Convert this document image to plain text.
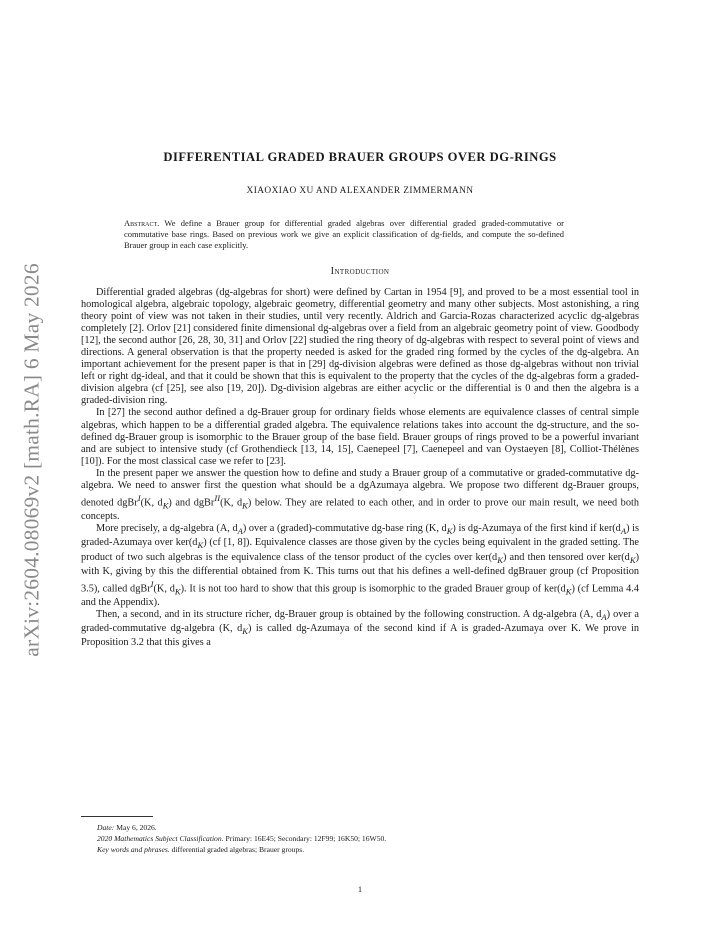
arXiv:2604.08069v2 [math.RA] 6 May 2026
DIFFERENTIAL GRADED BRAUER GROUPS OVER DG-RINGS
XIAOXIAO XU AND ALEXANDER ZIMMERMANN
Abstract. We define a Brauer group for differential graded algebras over differential graded graded-commutative or commutative base rings. Based on previous work we give an explicit classification of dg-fields, and compute the so-defined Brauer group in each case explicitly.
Introduction

Differential graded algebras (dg-algebras for short) were defined by Cartan in 1954 [9], and proved to be a most essential tool in homological algebra, algebraic topology, algebraic geometry, differential geometry and many other subjects. Most astonishing, a ring theory point of view was not taken in their studies, until very recently. Aldrich and Garcia-Rozas characterized acyclic dg-algebras completely [2]. Orlov [21] considered finite dimensional dg-algebras over a field from an algebraic geometry point of view. Goodbody [12], the second author [26, 28, 30, 31] and Orlov [22] studied the ring theory of dg-algebras with respect to several point of views and directions. A general observation is that the property needed is asked for the graded ring formed by the cycles of the dg-algebra. An important achievement for the present paper is that in [29] dg-division algebras were defined as those dg-algebras without non trivial left or right dg-ideal, and that it could be shown that this is equivalent to the property that the cycles of the dg-algebras form a graded-division algebra (cf [25], see also [19, 20]). Dg-division algebras are either acyclic or the differential is 0 and then the algebra is a graded-division ring.

In [27] the second author defined a dg-Brauer group for ordinary fields whose elements are equivalence classes of central simple algebras, which happen to be a differential graded algebra. The equivalence relations takes into account the dg-structure, and the so-defined dg-Brauer group is isomorphic to the Brauer group of the base field. Brauer groups of rings proved to be a powerful invariant and are subject to intensive study (cf Grothendieck [13, 14, 15], Caenepeel [7], Caenepeel and van Oystaeyen [8], Colliot-Thélènes [10]). For the most classical case we refer to [23].

In the present paper we answer the question how to define and study a Brauer group of a commutative or graded-commutative dg-algebra. We need to answer first the question what should be a dgAzumaya algebra. We propose two different dg-Brauer groups, denoted dgBr$^I$(K, $d_K$) and dgBr$^{II}$(K, $d_K$) below. They are related to each other, and in order to prove our main result, we need both concepts.

More precisely, a dg-algebra (A, $d_A$) over a (graded)-commutative dg-base ring (K, $d_K$) is dg-Azumaya of the first kind if $ker(d_A)$ is graded-Azumaya over $ker(d_K)$ (cf [1, 8]). Equivalence classes are those given by the cycles being equivalent in the graded setting. The product of two such algebras is the equivalence class of the tensor product of the cycles over $ker(d_K)$ and then tensored over $ker(d_K)$ with K, giving by this the differential obtained from K. This turns out that his defines a well-defined dgBrauer group (cf Proposition 3.5), called dgBr$^I$(K, $d_K$). It is not too hard to show that this group is isomorphic to the graded Brauer group of $ker(d_K)$ (cf Lemma 4.4 and the Appendix).

Then, a second, and in its structure richer, dg-Brauer group is obtained by the following construction. A dg-algebra (A, $d_A$) over a graded-commutative dg-algebra (K, $d_K$) is called dg-Azumaya of the second kind if A is graded-Azumaya over K. We prove in Proposition 3.2 that this gives a

Date: May 6, 2026.
2020 Mathematics Subject Classification. Primary: 16E45; Secondary: 12F99; 16K50; 16W50.
Key words and phrases. differential graded algebras; Brauer groups.
1
